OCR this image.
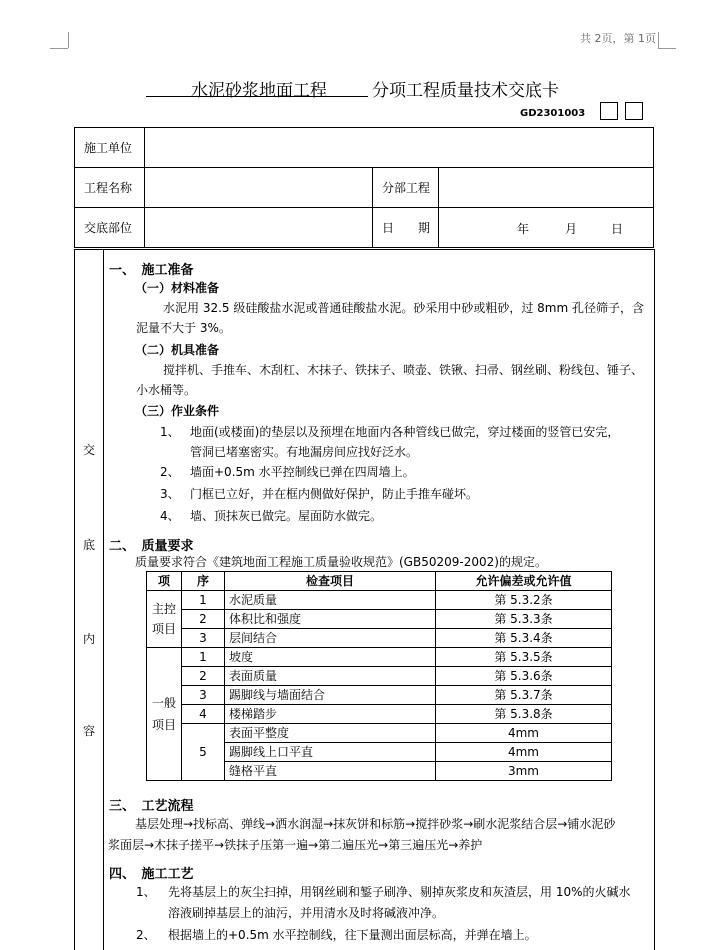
共 2页，第 1页
水泥砂浆地面工程	分项工程质量技术交底卡
GD2301003
施工单位			
工程名称		分部工程	
交底部位		日　　期	年 月 日
交
底
内
容
一、　施工准备
（一）材料准备
水泥用 32.5 级硅酸盐水泥或普通硅酸盐水泥。砂采用中砂或粗砂，过 8mm 孔径筛子，含
泥量不大于 3%。
（二）机具准备
搅拌机、手推车、木刮杠、木抹子、铁抹子、喷壶、铁锹、扫帚、钢丝刷、粉线包、锤子、
小水桶等。
（三）作业条件
1、 地面(或楼面)的垫层以及预埋在地面内各种管线已做完，穿过楼面的竖管已安完，
管洞已堵塞密实。有地漏房间应找好泛水。
2、 墙面+0.5m 水平控制线已弹在四周墙上。
3、 门框已立好，并在框内侧做好保护，防止手推车碰坏。
4、 墙、顶抹灰已做完。屋面防水做完。
二、　质量要求
质量要求符合《建筑地面工程施工质量验收规范》(GB50209-2002)的规定。
项	序	检查项目	允许偏差或允许值
主控项目	1	水泥质量	第 5.3.2条
	2	体积比和强度	第 5.3.3条
	3	层间结合	第 5.3.4条
一般项目	1	坡度	第 5.3.5条
	2	表面质量	第 5.3.6条
	3	踢脚线与墙面结合	第 5.3.7条
	4	楼梯踏步	第 5.3.8条
	5	表面平整度	4mm
		踢脚线上口平直	4mm
		缝格平直	3mm
三、　工艺流程
基层处理→找标高、弹线→洒水润湿→抹灰饼和标筋→搅拌砂浆→刷水泥浆结合层→铺水泥砂
浆面层→木抹子搓平→铁抹子压第一遍→第二遍压光→第三遍压光→养护
四、　施工工艺
1、 先将基层上的灰尘扫掉，用钢丝刷和錾子刷净、剔掉灰浆皮和灰渣层，用 10%的火碱水
溶液刷掉基层上的油污，并用清水及时将碱液冲净。
2、 根据墙上的+0.5m 水平控制线，往下量测出面层标高，并弹在墙上。
